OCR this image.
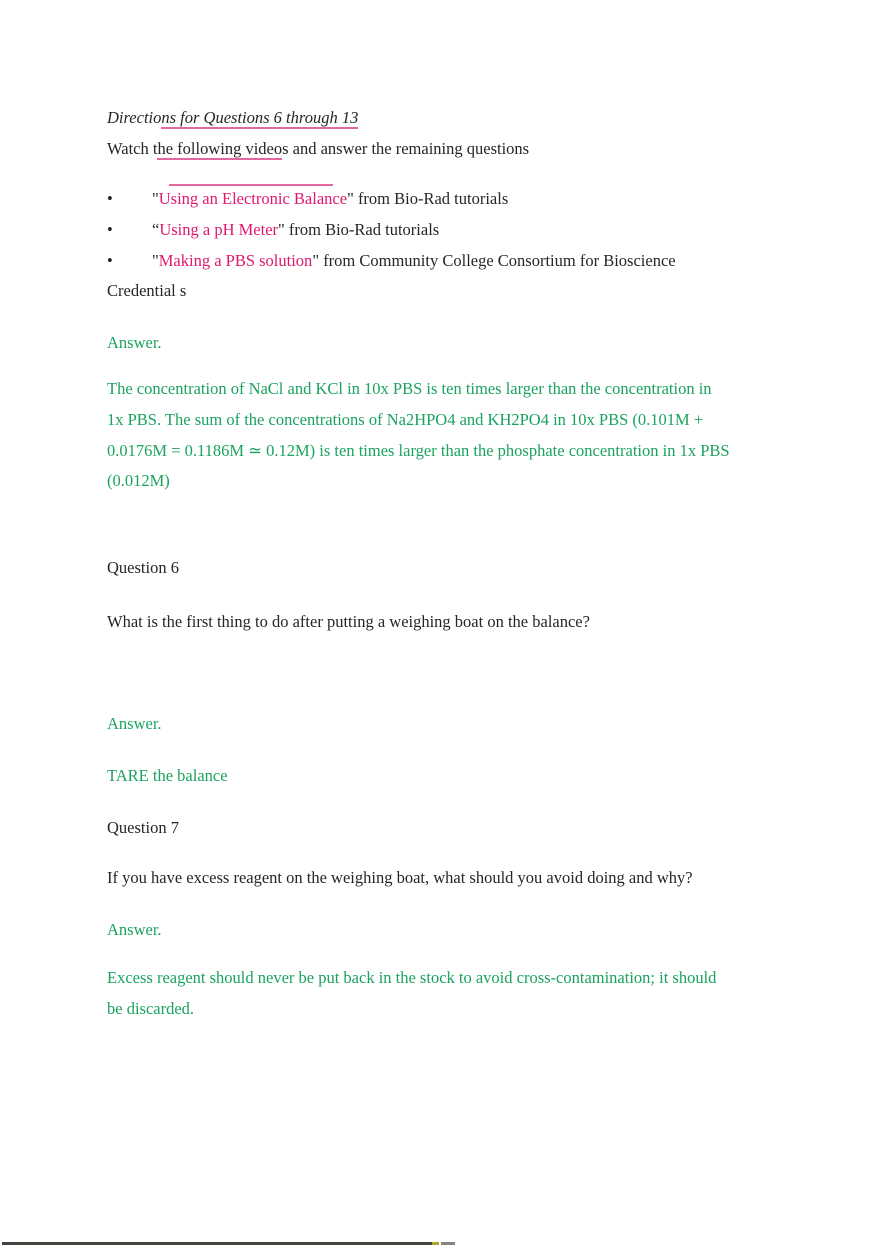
Directions for Questions 6 through 13
Watch the following videos and answer the remaining questions
• "Using an Electronic Balance" from Bio-Rad tutorials
• “Using a pH Meter" from Bio-Rad tutorials
• "Making a PBS solution" from Community College Consortium for Bioscience
Credential s
Answer.
The concentration of NaCl and KCl in 10x PBS is ten times larger than the concentration in
1x PBS. The sum of the concentrations of Na2HPO4 and KH2PO4 in 10x PBS (0.101M +
0.0176M = 0.1186M ≃ 0.12M) is ten times larger than the phosphate concentration in 1x PBS
(0.012M)
Question 6
What is the first thing to do after putting a weighing boat on the balance?
Answer.
TARE the balance
Question 7
If you have excess reagent on the weighing boat, what should you avoid doing and why?
Answer.
Excess reagent should never be put back in the stock to avoid cross-contamination; it should
be discarded.
